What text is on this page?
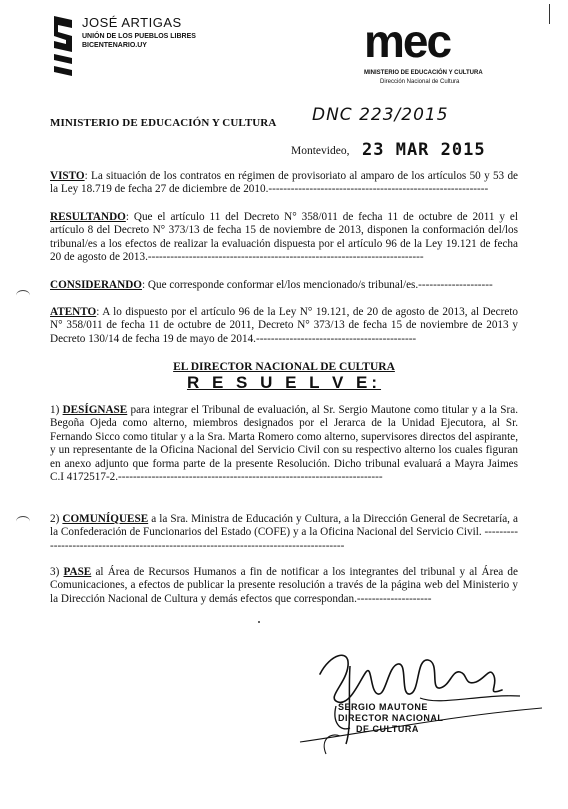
JOSÉ ARTIGAS
UNIÓN DE LOS PUEBLOS LIBRES
BICENTENARIO.UY	mec
MINISTERIO DE EDUCACIÓN Y CULTURA
Dirección Nacional de Cultura
MINISTERIO DE EDUCACIÓN Y CULTURA DNC 223/2015
Montevideo, 23 MAR 2015
VISTO: La situación de los contratos en régimen de provisoriato al amparo de los artículos 50 y 53 de la Ley 18.719 de fecha 27 de diciembre de 2010.-----------------------------------------------------------
RESULTANDO: Que el artículo 11 del Decreto N° 358/011 de fecha 11 de octubre de 2011 y el artículo 8 del Decreto N° 373/13 de fecha 15 de noviembre de 2013, disponen la conformación del/los tribunal/es a los efectos de realizar la evaluación dispuesta por el artículo 96 de la Ley 19.121 de fecha 20 de agosto de 2013.--------------------------------------------------------------------------
CONSIDERANDO: Que corresponde conformar el/los mencionado/s tribunal/es.--------------------
ATENTO: A lo dispuesto por el artículo 96 de la Ley N° 19.121, de 20 de agosto de 2013, al Decreto N° 358/011 de fecha 11 de octubre de 2011, Decreto N° 373/13 de fecha 15 de noviembre de 2013 y Decreto 130/14 de fecha 19 de mayo de 2014.-------------------------------------------
EL DIRECTOR NACIONAL DE CULTURA
R E S U E L V E:
1) DESÍGNASE para integrar el Tribunal de evaluación, al Sr. Sergio Mautone como titular y a la Sra. Begoña Ojeda como alterno, miembros designados por el Jerarca de la Unidad Ejecutora, al Sr. Fernando Sicco como titular y a la Sra. Marta Romero como alterno, supervisores directos del aspirante, y un representante de la Oficina Nacional del Servicio Civil con su respectivo alterno los cuales figuran en anexo adjunto que forma parte de la presente Resolución. Dicho tribunal evaluará a Mayra Jaimes C.I 4172517-2.-----------------------------------------------------------------------
2) COMUNÍQUESE a la Sra. Ministra de Educación y Cultura, a la Dirección General de Secretaría, a la Confederación de Funcionarios del Estado (COFE) y a la Oficina Nacional del Servicio Civil. ----------------------------------------------------------------------------------------
3) PASE al Área de Recursos Humanos a fin de notificar a los integrantes del tribunal y al Área de Comunicaciones, a efectos de publicar la presente resolución a través de la página web del Ministerio y la Dirección Nacional de Cultura y demás efectos que correspondan.--------------------
SERGIO MAUTONE
DIRECTOR NACIONAL
DE CULTURA
